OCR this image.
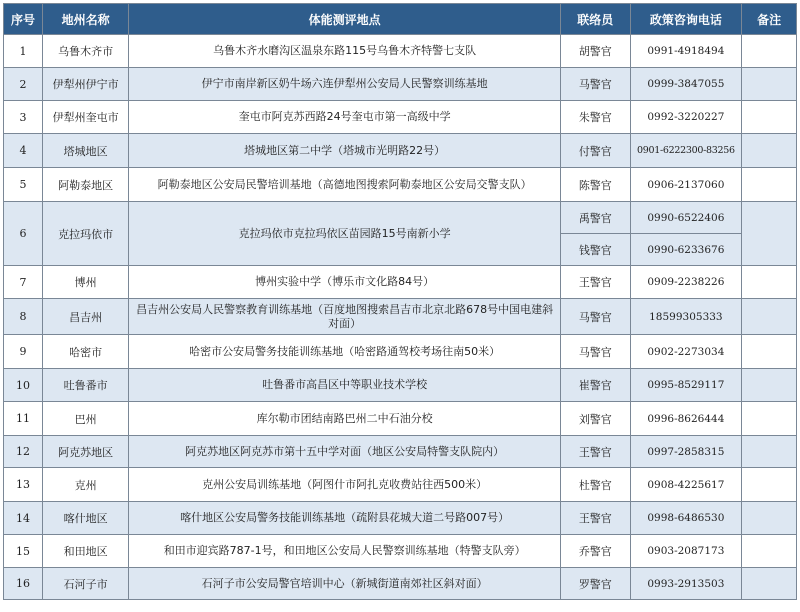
序号	地州名称	体能测评地点	联络员	政策咨询电话	备注
1	乌鲁木齐市	乌鲁木齐水磨沟区温泉东路115号乌鲁木齐特警七支队	胡警官	0991-4918494	
2	伊犁州伊宁市	伊宁市南岸新区奶牛场六连伊犁州公安局人民警察训练基地	马警官	0999-3847055	
3	伊犁州奎屯市	奎屯市阿克苏西路24号奎屯市第一高级中学	朱警官	0992-3220227	
4	塔城地区	塔城地区第二中学（塔城市光明路22号）	付警官	0901-6222300-83256	
5	阿勒泰地区	阿勒泰地区公安局民警培训基地（高德地图搜索阿勒泰地区公安局交警支队）	陈警官	0906-2137060	
6	克拉玛依市	克拉玛依市克拉玛依区苗园路15号南新小学	禹警官	0990-6522406	
			钱警官	0990-6233676	
7	博州	博州实验中学（博乐市文化路84号）	王警官	0909-2238226	
8	昌吉州	昌吉州公安局人民警察教育训练基地（百度地图搜索昌吉市北京北路678号中国电建斜对面）	马警官	18599305333	
9	哈密市	哈密市公安局警务技能训练基地（哈密路通驾校考场往南50米）	马警官	0902-2273034	
10	吐鲁番市	吐鲁番市高昌区中等职业技术学校	崔警官	0995-8529117	
11	巴州	库尔勒市团结南路巴州二中石油分校	刘警官	0996-8626444	
12	阿克苏地区	阿克苏地区阿克苏市第十五中学对面（地区公安局特警支队院内）	王警官	0997-2858315	
13	克州	克州公安局训练基地（阿图什市阿扎克收费站往西500米）	杜警官	0908-4225617	
14	喀什地区	喀什地区公安局警务技能训练基地（疏附县花城大道二号路007号）	王警官	0998-6486530	
15	和田地区	和田市迎宾路787-1号，和田地区公安局人民警察训练基地（特警支队旁）	乔警官	0903-2087173	
16	石河子市	石河子市公安局警官培训中心（新城街道南郊社区斜对面）	罗警官	0993-2913503	
